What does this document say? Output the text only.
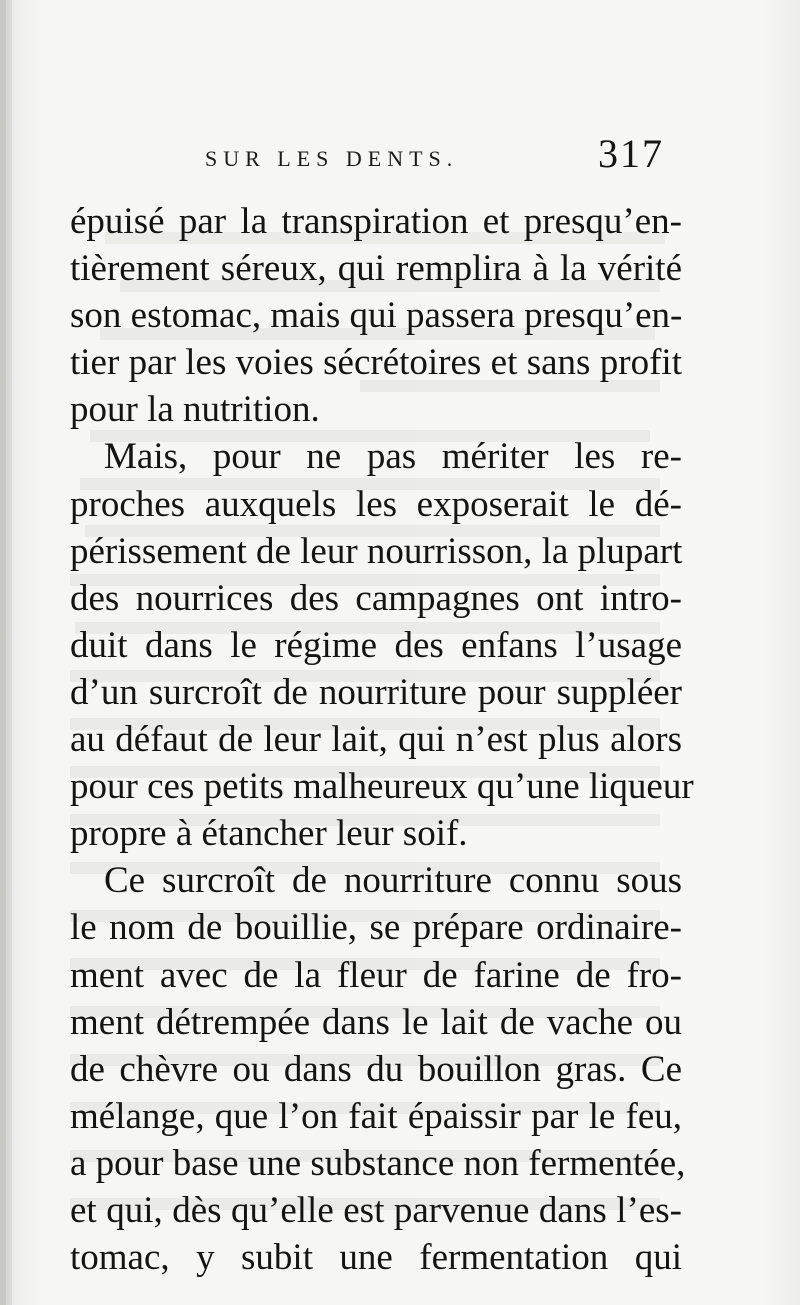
SUR LES DENTS.	317
épuisé par la transpiration et presqu’en-
tièrement séreux, qui remplira à la vérité
son estomac, mais qui passera presqu’en-
tier par les voies sécrétoires et sans profit
pour la nutrition.
Mais, pour ne pas mériter les re-
proches auxquels les exposerait le dé-
périssement de leur nourrisson, la plupart
des nourrices des campagnes ont intro-
duit dans le régime des enfans l’usage
d’un surcroît de nourriture pour suppléer
au défaut de leur lait, qui n’est plus alors
pour ces petits malheureux qu’une liqueur
propre à étancher leur soif.
Ce surcroît de nourriture connu sous
le nom de bouillie, se prépare ordinaire-
ment avec de la fleur de farine de fro-
ment détrempée dans le lait de vache ou
de chèvre ou dans du bouillon gras. Ce
mélange, que l’on fait épaissir par le feu,
a pour base une substance non fermentée,
et qui, dès qu’elle est parvenue dans l’es-
tomac, y subit une fermentation qui
